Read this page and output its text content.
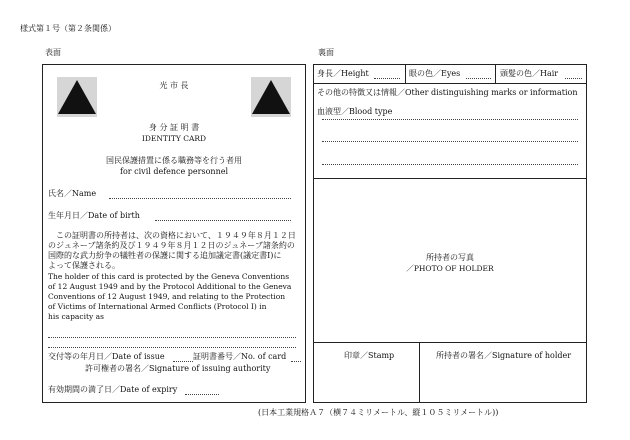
様式第１号（第２条関係）
表面	裏面
光 市 長
身 分 証 明 書
IDENTITY CARD
国民保護措置に係る職務等を行う者用
for civil defence personnel
氏名／Name
生年月日／Date of birth
　この証明書の所持者は、次の資格において、１９４９年８月１２日
のジュネーブ諸条約及び１９４９年８月１２日のジュネーブ諸条約の
国際的な武力紛争の犠牲者の保護に関する追加議定書(議定書Ⅰ)に
よって保護される。
The holder of this card is protected by the Geneva Conventions
of 12 August 1949 and by the Protocol Additional to the Geneva
Conventions of 12 August 1949, and relating to the Protection
of Victims of International Armed Conflicts (Protocol I) in
his capacity as
交付等の年月日／Date of issue	証明書番号／No. of card
許可権者の署名／Signature of issuing authority
有効期間の満了日／Date of expiry
身長／Height	眼の色／Eyes	頭髪の色／Hair
その他の特徴又は情報／Other distinguishing marks or information
血液型／Blood type
所持者の写真
／PHOTO OF HOLDER
印章／Stamp	所持者の署名／Signature of holder
(日本工業規格Ａ７（横７４ミリメートル、縦１０５ミリメートル))
